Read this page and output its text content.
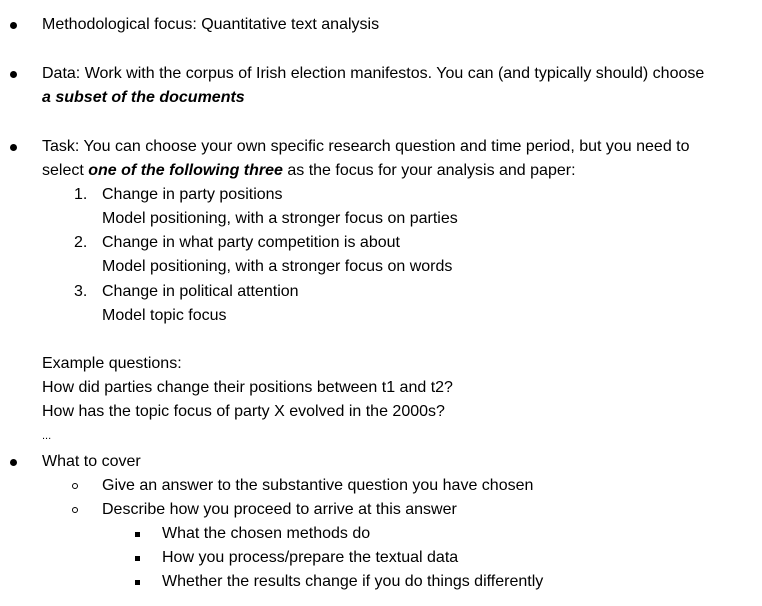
Methodological focus: Quantitative text analysis
Data: Work with the corpus of Irish election manifestos. You can (and typically should) choose
a subset of the documents
Task: You can choose your own specific research question and time period, but you need to
select one of the following three as the focus for your analysis and paper:
1. Change in party positions
Model positioning, with a stronger focus on parties
2. Change in what party competition is about
Model positioning, with a stronger focus on words
3. Change in political attention
Model topic focus
Example questions:
How did parties change their positions between t1 and t2?
How has the topic focus of party X evolved in the 2000s?
...
What to cover
Give an answer to the substantive question you have chosen
Describe how you proceed to arrive at this answer
What the chosen methods do
How you process/prepare the textual data
Whether the results change if you do things differently
